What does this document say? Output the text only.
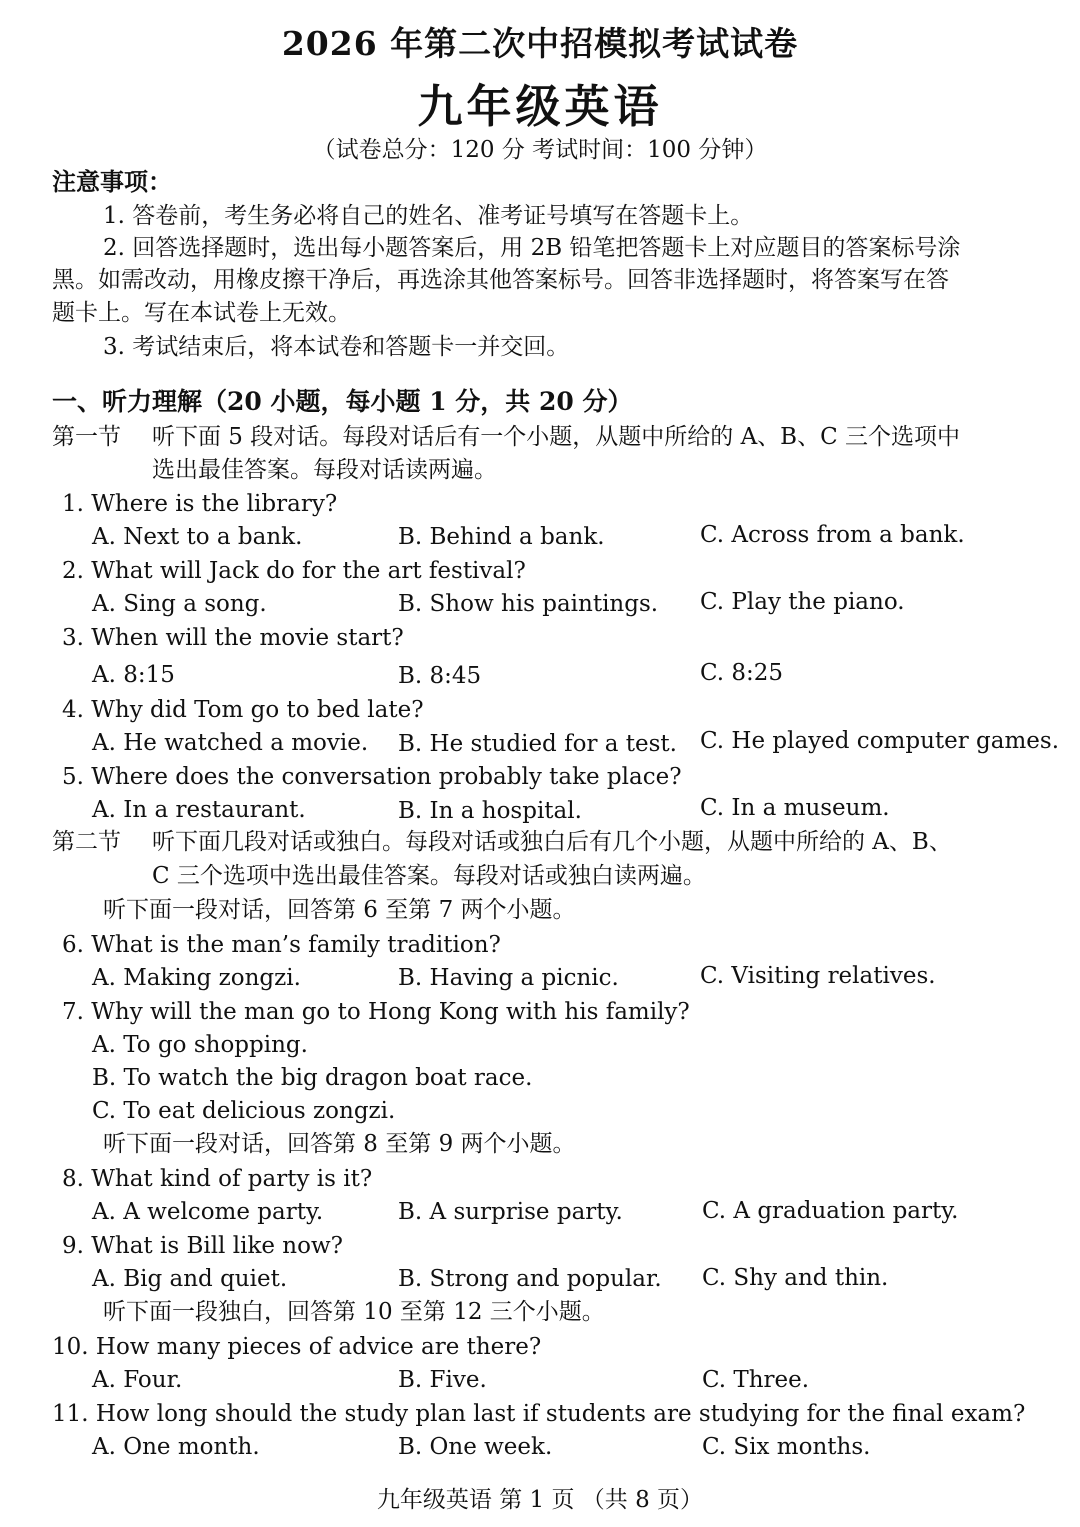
2026 年第二次中招模拟考试试卷
九年级英语
（试卷总分：120 分 考试时间：100 分钟）
注意事项：
1. 答卷前，考生务必将自己的姓名、准考证号填写在答题卡上。
2. 回答选择题时，选出每小题答案后，用 2B 铅笔把答题卡上对应题目的答案标号涂
黑。如需改动，用橡皮擦干净后，再选涂其他答案标号。回答非选择题时，将答案写在答
题卡上。写在本试卷上无效。
3. 考试结束后，将本试卷和答题卡一并交回。
一、听力理解（20 小题，每小题 1 分，共 20 分）
第一节 听下面 5 段对话。每段对话后有一个小题，从题中所给的 A、B、C 三个选项中
选出最佳答案。每段对话读两遍。
1. Where is the library?
A. Next to a bank.	B. Behind a bank.	C. Across from a bank.
2. What will Jack do for the art festival?
A. Sing a song.	B. Show his paintings. C. Play the piano.
3. When will the movie start?
A. 8:15	B. 8:45	C. 8:25
4. Why did Tom go to bed late?
A. He watched a movie. B. He studied for a test. C. He played computer games.
5. Where does the conversation probably take place?
A. In a restaurant.	B. In a hospital.	C. In a museum.
第二节 听下面几段对话或独白。每段对话或独白后有几个小题，从题中所给的 A、B、
C 三个选项中选出最佳答案。每段对话或独白读两遍。
听下面一段对话，回答第 6 至第 7 两个小题。
6. What is the man’s family tradition?
A. Making zongzi.	B. Having a picnic.	C. Visiting relatives.
7. Why will the man go to Hong Kong with his family?
A. To go shopping.
B. To watch the big dragon boat race.
C. To eat delicious zongzi.
听下面一段对话，回答第 8 至第 9 两个小题。
8. What kind of party is it?
A. A welcome party.	B. A surprise party.	C. A graduation party.
9. What is Bill like now?
A. Big and quiet.	B. Strong and popular. C. Shy and thin.
听下面一段独白，回答第 10 至第 12 三个小题。
10. How many pieces of advice are there?
A. Four.	B. Five.	C. Three.
11. How long should the study plan last if students are studying for the final exam?
A. One month.	B. One week.	C. Six months.
九年级英语 第 1 页 （共 8 页）
